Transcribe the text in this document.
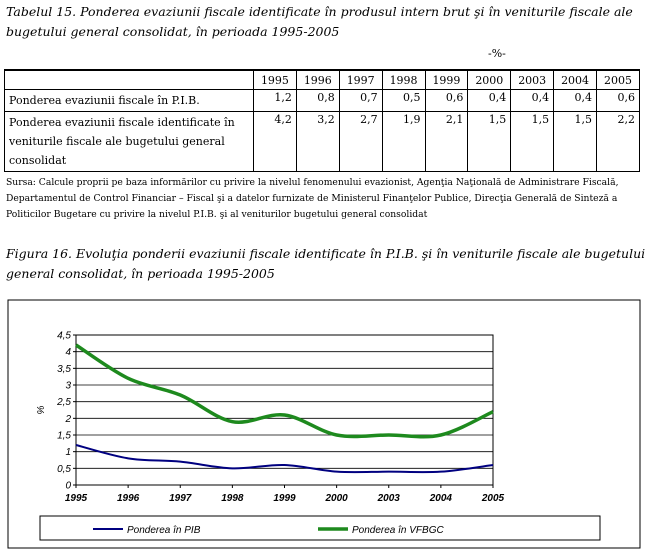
Tabelul 15. Ponderea evaziunii fiscale identificate în produsul intern brut şi în veniturile fiscale ale bugetului general consolidat, în perioada 1995-2005
-%-
	1995	1996	1997	1998	1999	2000	2003	2004	2005
Ponderea evaziunii fiscale în P.I.B.	1,2	0,8	0,7	0,5	0,6	0,4	0,4	0,4	0,6
Ponderea evaziunii fiscale identificate în veniturile fiscale ale bugetului general consolidat	4,2	3,2	2,7	1,9	2,1	1,5	1,5	1,5	2,2
Sursa: Calcule proprii pe baza informărilor cu privire la nivelul fenomenului evazionist, Agenţia Naţională de Administrare Fiscală, Departamentul de Control Financiar – Fiscal şi a datelor furnizate de Ministerul Finanţelor Publice, Direcţia Generală de Sinteză a Politicilor Bugetare cu privire la nivelul P.I.B. şi al veniturilor bugetului general consolidat
Figura 16. Evoluţia ponderii evaziunii fiscale identificate în P.I.B. şi în veniturile fiscale ale bugetului general consolidat, în perioada 1995-2005
0
0,5
1
1,5
2
2,5
3
3,5
4
4,5
%
1995	1996	1997	1998	1999	2000	2003	2004	2005
Ponderea în PIB	Ponderea în VFBGC
